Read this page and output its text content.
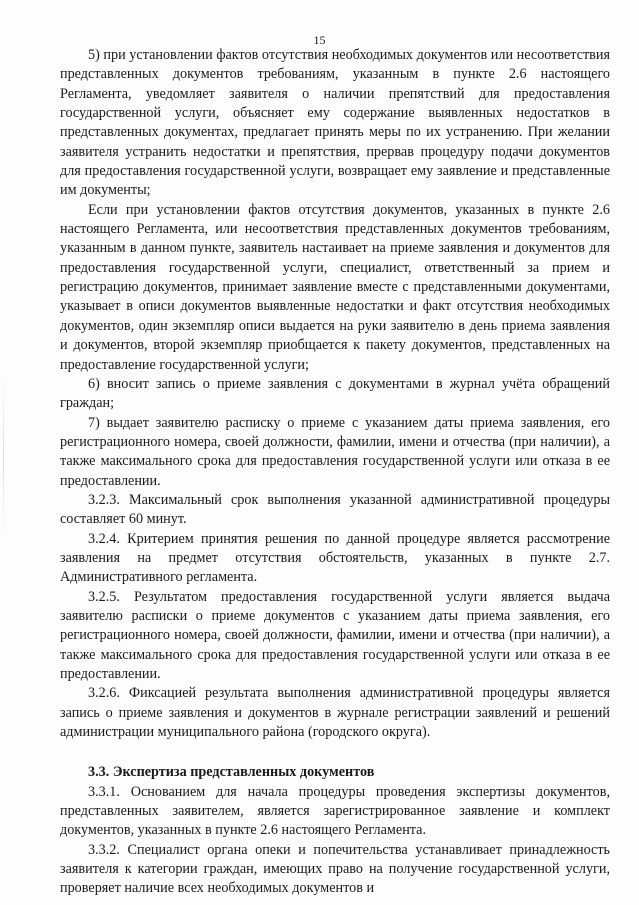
15

5) при установлении фактов отсутствия необходимых документов или несоответствия представленных документов требованиям, указанным в пункте 2.6 настоящего Регламента, уведомляет заявителя о наличии препятствий для предоставления государственной услуги, объясняет ему содержание выявленных недостатков в представленных документах, предлагает принять меры по их устранению. При желании заявителя устранить недостатки и препятствия, прервав процедуру подачи документов для предоставления государственной услуги, возвращает ему заявление и представленные им документы;

Если при установлении фактов отсутствия документов, указанных в пункте 2.6 настоящего Регламента, или несоответствия представленных документов требованиям, указанным в данном пункте, заявитель настаивает на приеме заявления и документов для предоставления государственной услуги, специалист, ответственный за прием и регистрацию документов, принимает заявление вместе с представленными документами, указывает в описи документов выявленные недостатки и факт отсутствия необходимых документов, один экземпляр описи выдается на руки заявителю в день приема заявления и документов, второй экземпляр приобщается к пакету документов, представленных на предоставление государственной услуги;

6) вносит запись о приеме заявления с документами в журнал учёта обращений граждан;

7) выдает заявителю расписку о приеме с указанием даты приема заявления, его регистрационного номера, своей должности, фамилии, имени и отчества (при наличии), а также максимального срока для предоставления государственной услуги или отказа в ее предоставлении.

3.2.3. Максимальный срок выполнения указанной административной процедуры составляет 60 минут.

3.2.4. Критерием принятия решения по данной процедуре является рассмотрение заявления на предмет отсутствия обстоятельств, указанных в пункте 2.7. Административного регламента.

3.2.5. Результатом предоставления государственной услуги является выдача заявителю расписки о приеме документов с указанием даты приема заявления, его регистрационного номера, своей должности, фамилии, имени и отчества (при наличии), а также максимального срока для предоставления государственной услуги или отказа в ее предоставлении.

3.2.6. Фиксацией результата выполнения административной процедуры является запись о приеме заявления и документов в журнале регистрации заявлений и решений администрации муниципального района (городского округа).

3.3. Экспертиза представленных документов

3.3.1. Основанием для начала процедуры проведения экспертизы документов, представленных заявителем, является зарегистрированное заявление и комплект документов, указанных в пункте 2.6 настоящего Регламента.

3.3.2. Специалист органа опеки и попечительства устанавливает принадлежность заявителя к категории граждан, имеющих право на получение государственной услуги, проверяет наличие всех необходимых документов и
